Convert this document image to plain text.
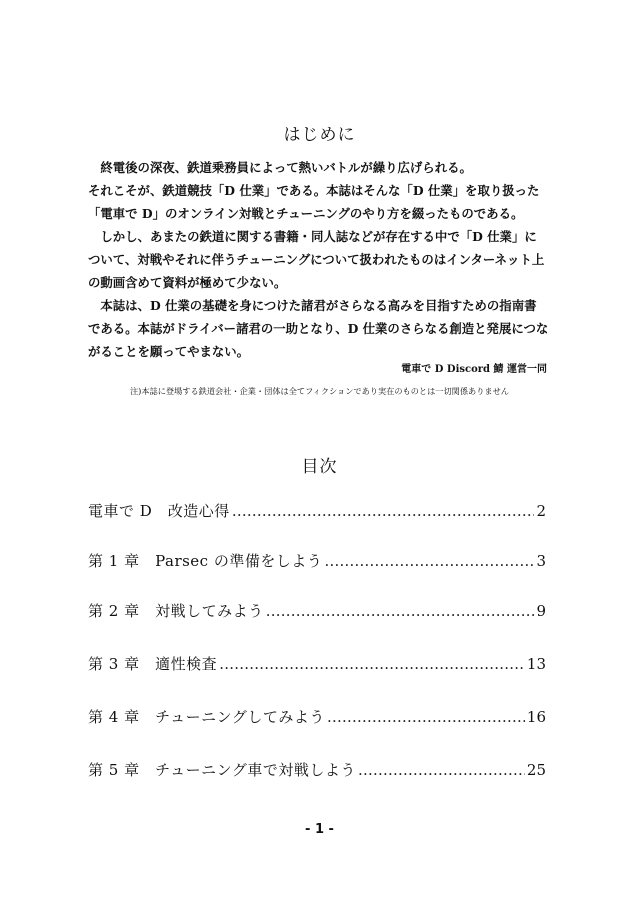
はじめに

　終電後の深夜、鉄道乗務員によって熱いバトルが繰り広げられる。

それこそが、鉄道競技「D 仕業」である。本誌はそんな「D 仕業」を取り扱った

「電車で D」のオンライン対戦とチューニングのやり方を綴ったものである。

　しかし、あまたの鉄道に関する書籍・同人誌などが存在する中で「D 仕業」に

ついて、対戦やそれに伴うチューニングについて扱われたものはインターネット上

の動画含めて資料が極めて少ない。

　本誌は、D 仕業の基礎を身につけた諸君がさらなる高みを目指すための指南書

である。本誌がドライバー諸君の一助となり、D 仕業のさらなる創造と発展につな

がることを願ってやまない。

電車で D Discord 鯖 運営一同
注)本誌に登場する鉄道会社・企業・団体は全てフィクションであり実在のものとは一切関係ありません
目次
電車で D　改造心得 …………………………………………………………………………………………………………………………	2
第 1 章　Parsec の準備をしよう …………………………………………………………………………………………………………………………	3
第 2 章　対戦してみよう …………………………………………………………………………………………………………………………	9
第 3 章　適性検査 …………………………………………………………………………………………………………………………	13
第 4 章　チューニングしてみよう …………………………………………………………………………………………………………………………	16
第 5 章　チューニング車で対戦しよう …………………………………………………………………………………………………………………………	25
- 1 -
